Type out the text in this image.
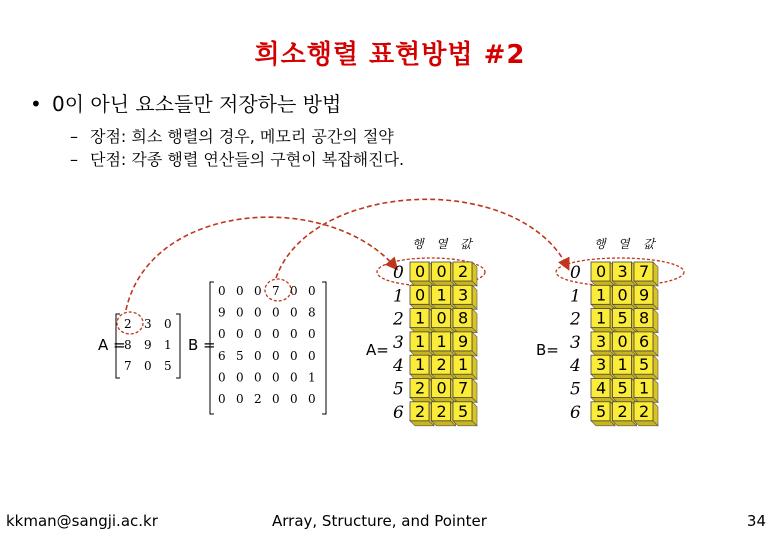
희소행렬 표현방법 #2
• 0이 아닌 요소들만 저장하는 방법
– 장점: 희소 행렬의 경우, 메모리 공간의 절약
– 단점: 각종 행렬 연산들의 구현이 복잡해진다.
A =
2 3 0
8 9 1
7 0 5
B =
0 0 0 7 0 0
9 0 0 0 0 8
0 0 0 0 0 0
6 5 0 0 0 0
0 0 0 0 0 1
0 0 2 0 0 0
행 열 값	행 열 값
A=	B=
0 0 0 2
1 0 1 3
2 1 0 8
3 1 1 9
4 1 2 1
5 2 0 7
6 2 2 5
0 0 3 7
1 1 0 9
2 1 5 8
3 3 0 6
4 3 1 5
5 4 5 1
6 5 2 2
kkman@sangji.ac.kr	Array, Structure, and Pointer	34
